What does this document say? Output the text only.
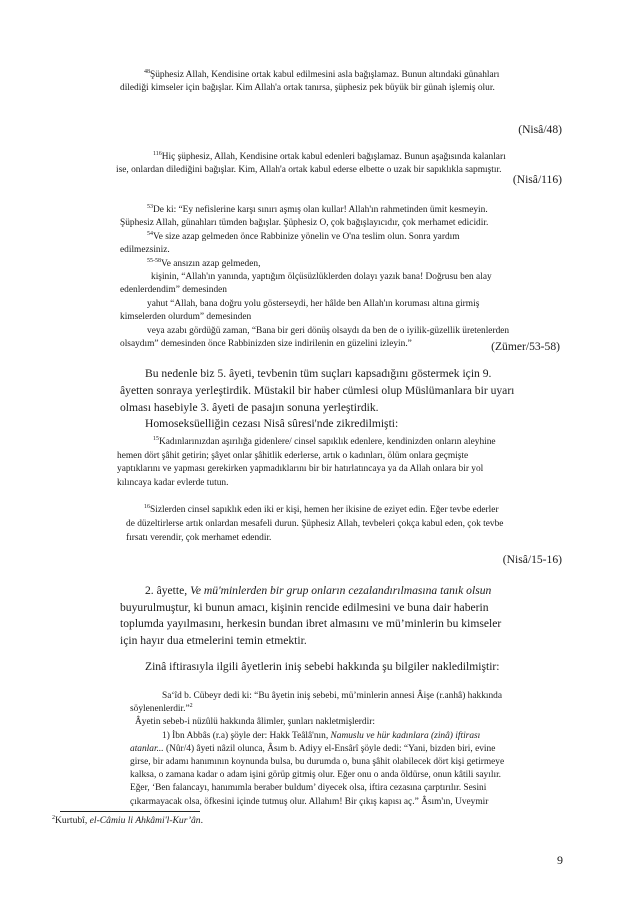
$^{48}$Şüphesiz Allah, Kendisine ortak kabul edilmesini asla bağışlamaz. Bunun altındaki günahları
dilediği kimseler için bağışlar. Kim Allah'a ortak tanırsa, şüphesiz pek büyük bir günah işlemiş olur.
(Nisâ/48)
$^{116}$Hiç şüphesiz, Allah, Kendisine ortak kabul edenleri bağışlamaz. Bunun aşağısında kalanları
ise, onlardan dilediğini bağışlar. Kim, Allah'a ortak kabul ederse elbette o uzak bir sapıklıkla sapmıştır.
(Nisâ/116)
$^{53}$De ki: “Ey nefislerine karşı sınırı aşmış olan kullar! Allah'ın rahmetinden ümit kesmeyin.
Şüphesiz Allah, günahları tümden bağışlar. Şüphesiz O, çok bağışlayıcıdır, çok merhamet edicidir.
$^{54}$Ve size azap gelmeden önce Rabbinize yönelin ve O'na teslim olun. Sonra yardım
edilmezsiniz.
$^{55-58}$Ve ansızın azap gelmeden,
kişinin, “Allah'ın yanında, yaptığım ölçüsüzlüklerden dolayı yazık bana! Doğrusu ben alay
edenlerdendim” demesinden
yahut “Allah, bana doğru yolu gösterseydi, her hâlde ben Allah'ın koruması altına girmiş
kimselerden olurdum” demesinden
veya azabı gördüğü zaman, “Bana bir geri dönüş olsaydı da ben de o iyilik-güzellik üretenlerden
olsaydım” demesinden önce Rabbinizden size indirilenin en güzelini izleyin.”	(Zümer/53-58)
Bu nedenle biz 5. âyeti, tevbenin tüm suçları kapsadığını göstermek için 9.
âyetten sonraya yerleştirdik. Müstakil bir haber cümlesi olup Müslümanlara bir uyarı
olması hasebiyle 3. âyeti de pasajın sonuna yerleştirdik.
Homoseksüelliğin cezası Nisâ sûresi'nde zikredilmişti:
$^{15}$Kadınlarınızdan aşırılığa gidenlere/ cinsel sapıklık edenlere, kendinizden onların aleyhine
hemen dört şâhit getirin; şâyet onlar şâhitlik ederlerse, artık o kadınları, ölüm onlara geçmişte
yaptıklarını ve yapması gerekirken yapmadıklarını bir bir hatırlatıncaya ya da Allah onlara bir yol
kılıncaya kadar evlerde tutun.
$^{16}$Sizlerden cinsel sapıklık eden iki er kişi, hemen her ikisine de eziyet edin. Eğer tevbe ederler
de düzeltirlerse artık onlardan mesafeli durun. Şüphesiz Allah, tevbeleri çokça kabul eden, çok tevbe
fırsatı verendir, çok merhamet edendir.
(Nisâ/15-16)
2. âyette, Ve mü'minlerden bir grup onların cezalandırılmasına tanık olsun
buyurulmuştur, ki bunun amacı, kişinin rencide edilmesini ve buna dair haberin
toplumda yayılmasını, herkesin bundan ibret almasını ve mü’minlerin bu kimseler
için hayır dua etmelerini temin etmektir.
Zinâ iftirasıyla ilgili âyetlerin iniş sebebi hakkında şu bilgiler nakledilmiştir:
Sa‘îd b. Cübeyr dedi ki: “Bu âyetin iniş sebebi, mü’minlerin annesi Âişe (r.anhâ) hakkında
söylenenlerdir.”$^2$
Âyetin sebeb-i nüzûlü hakkında âlimler, şunları nakletmişlerdir:
1) İbn Abbâs (r.a) şöyle der: Hakk Teâlâ'nın, Namuslu ve hür kadınlara (zinâ) iftirası
atanlar... (Nûr/4) âyeti nâzil olunca, Âsım b. Adiyy el-Ensârî şöyle dedi: “Yani, bizden biri, evine
girse, bir adamı hanımının koynunda bulsa, bu durumda o, buna şâhit olabilecek dört kişi getirmeye
kalksa, o zamana kadar o adam işini görüp gitmiş olur. Eğer onu o anda öldürse, onun kâtili sayılır.
Eğer, ‘Ben falancayı, hanımımla beraber buldum’ diyecek olsa, iftira cezasına çarptırılır. Sesini
çıkarmayacak olsa, öfkesini içinde tutmuş olur. Allahım! Bir çıkış kapısı aç.” Âsım'ın, Uveymir
$^2$Kurtubî, el-Câmiu li Ahkâmi'l-Kur’ân.
9
